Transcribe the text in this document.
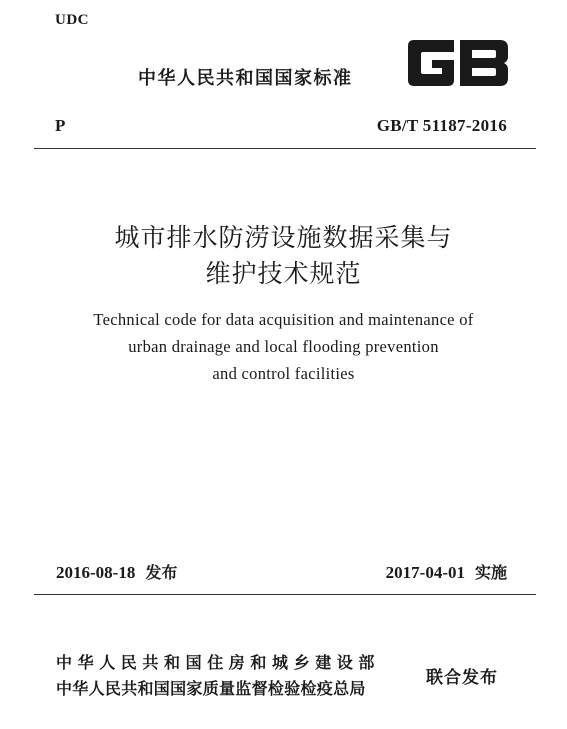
UDC
中华人民共和国国家标准
P	GB/T 51187-2016
城市排水防涝设施数据采集与
维护技术规范
Technical code for data acquisition and maintenance of
urban drainage and local flooding prevention
and control facilities
2016-08-18 发布	2017-04-01 实施
中华人民共和国住房和城乡建设部
中华人民共和国国家质量监督检验检疫总局
联合发布
